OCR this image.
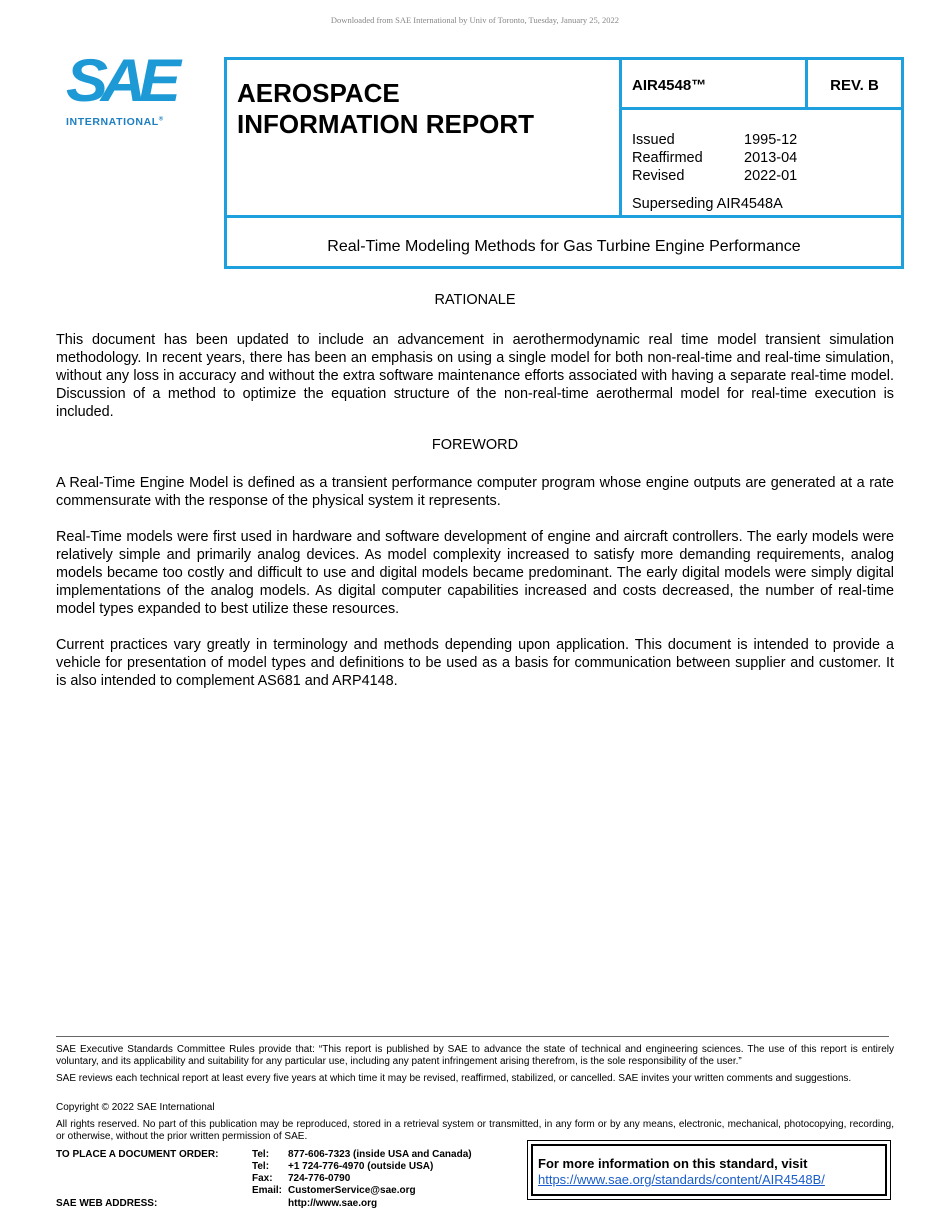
Downloaded from SAE International by Univ of Toronto, Tuesday, January 25, 2022
SAE
INTERNATIONAL®
AEROSPACE
INFORMATION REPORT
AIR4548™	REV. B
Issued	1995-12
Reaffirmed	2013-04
Revised	2022-01
Superseding AIR4548A
Real-Time Modeling Methods for Gas Turbine Engine Performance
RATIONALE
This document has been updated to include an advancement in aerothermodynamic real time model transient simulation methodology. In recent years, there has been an emphasis on using a single model for both non-real-time and real-time simulation, without any loss in accuracy and without the extra software maintenance efforts associated with having a separate real-time model. Discussion of a method to optimize the equation structure of the non-real-time aerothermal model for real-time execution is included.
FOREWORD
A Real-Time Engine Model is defined as a transient performance computer program whose engine outputs are generated at a rate commensurate with the response of the physical system it represents.
Real-Time models were first used in hardware and software development of engine and aircraft controllers. The early models were relatively simple and primarily analog devices. As model complexity increased to satisfy more demanding requirements, analog models became too costly and difficult to use and digital models became predominant. The early digital models were simply digital implementations of the analog models. As digital computer capabilities increased and costs decreased, the number of real-time model types expanded to best utilize these resources.
Current practices vary greatly in terminology and methods depending upon application. This document is intended to provide a vehicle for presentation of model types and definitions to be used as a basis for communication between supplier and customer. It is also intended to complement AS681 and ARP4148.
SAE Executive Standards Committee Rules provide that: “This report is published by SAE to advance the state of technical and engineering sciences. The use of this report is entirely voluntary, and its applicability and suitability for any particular use, including any patent infringement arising therefrom, is the sole responsibility of the user.”
SAE reviews each technical report at least every five years at which time it may be revised, reaffirmed, stabilized, or cancelled. SAE invites your written comments and suggestions.
Copyright © 2022 SAE International
All rights reserved. No part of this publication may be reproduced, stored in a retrieval system or transmitted, in any form or by any means, electronic, mechanical, photocopying, recording, or otherwise, without the prior written permission of SAE.
TO PLACE A DOCUMENT ORDER:	Tel:	877-606-7323 (inside USA and Canada)
Tel:	+1 724-776-4970 (outside USA)
Fax:	724-776-0790
Email: CustomerService@sae.org
SAE WEB ADDRESS:	http://www.sae.org
For more information on this standard, visit
https://www.sae.org/standards/content/AIR4548B/
